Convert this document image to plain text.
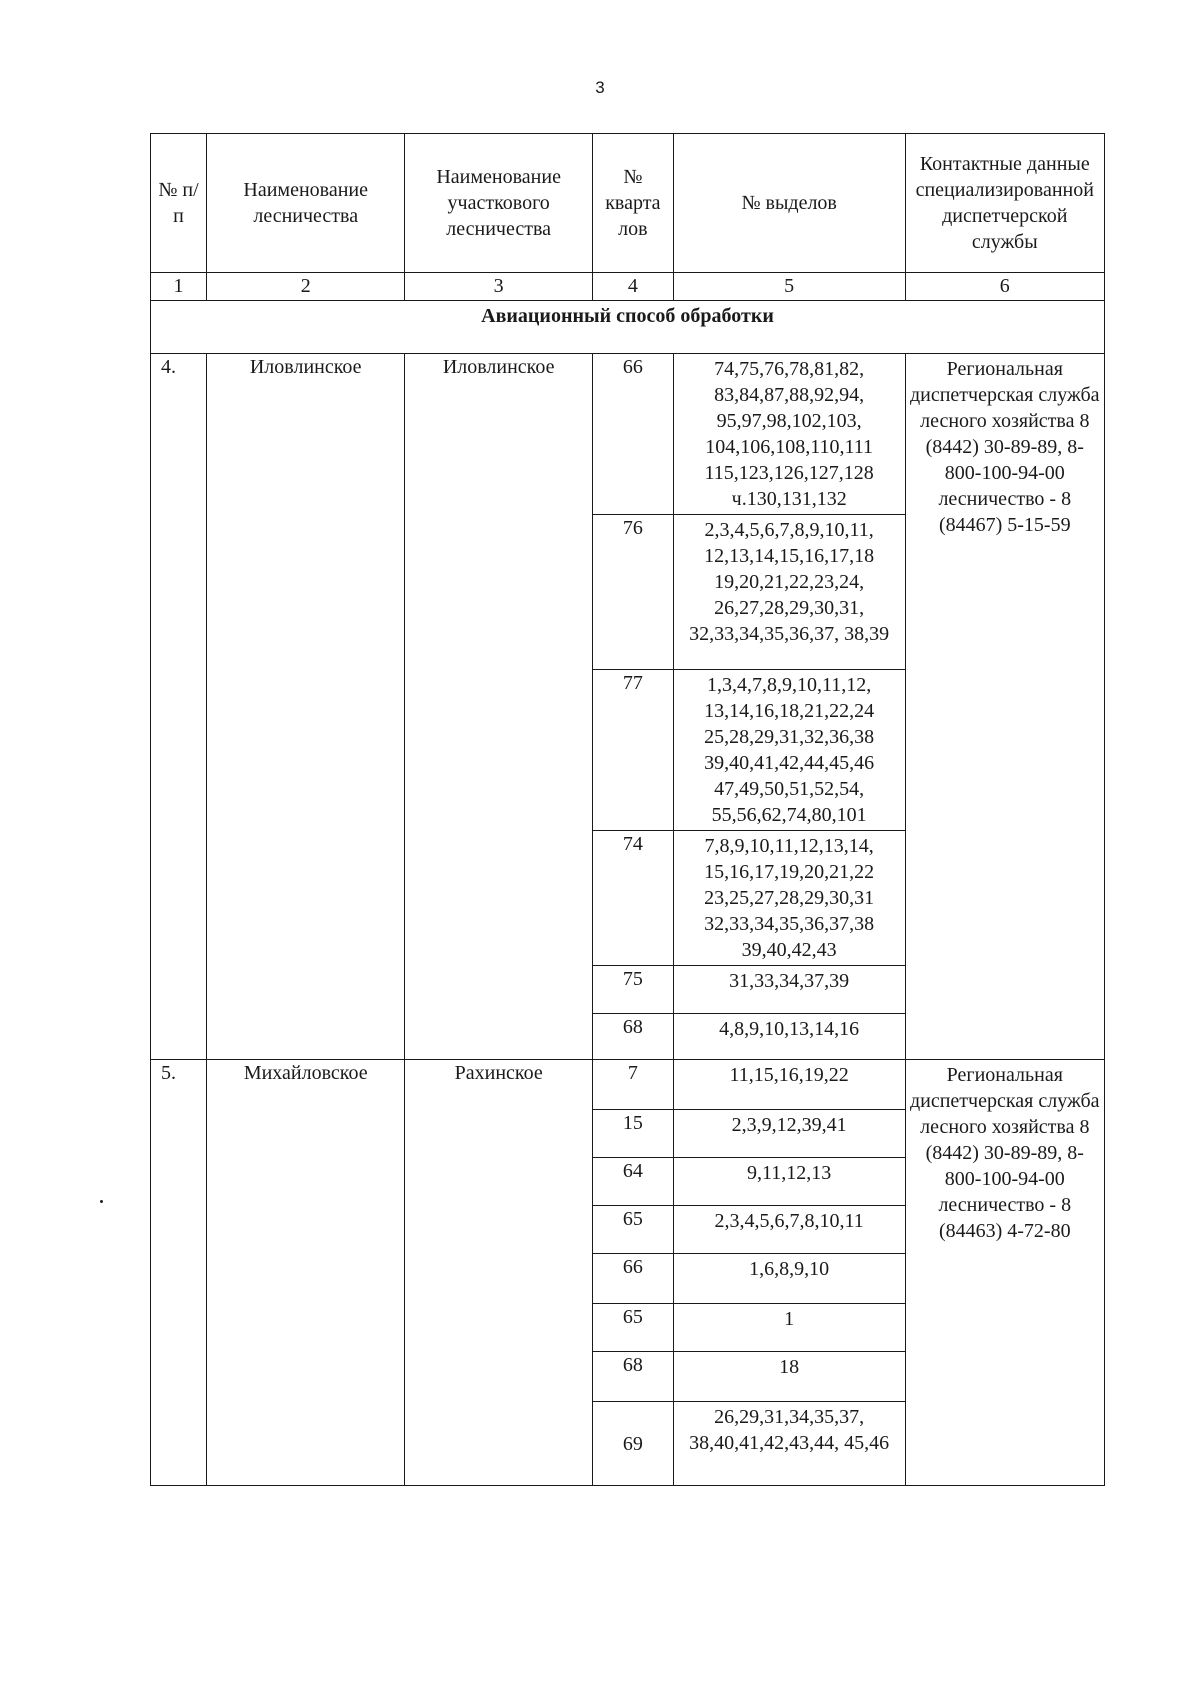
3
№ п/п	Наименование лесничества	Наименование участкового лесничества	№ кварта лов	№ выделов	Контактные данные специализированной диспетчерской службы
1	2	3	4	5	6
Авиационный способ обработки					
4.	Иловлинское	Иловлинское	66	74,75,76,78,81,82, 83,84,87,88,92,94, 95,97,98,102,103, 104,106,108,110,111 115,123,126,127,128 ч.130,131,132	Региональная диспетчерская служба лесного хозяйства 8 (8442) 30-89-89, 8-800-100-94-00 лесничество - 8 (84467) 5-15-59
			76	2,3,4,5,6,7,8,9,10,11, 12,13,14,15,16,17,18 19,20,21,22,23,24, 26,27,28,29,30,31, 32,33,34,35,36,37, 38,39	
			77	1,3,4,7,8,9,10,11,12, 13,14,16,18,21,22,24 25,28,29,31,32,36,38 39,40,41,42,44,45,46 47,49,50,51,52,54, 55,56,62,74,80,101	
			74	7,8,9,10,11,12,13,14, 15,16,17,19,20,21,22 23,25,27,28,29,30,31 32,33,34,35,36,37,38 39,40,42,43	
			75	31,33,34,37,39	
			68	4,8,9,10,13,14,16	
5.	Михайловское	Рахинское	7	11,15,16,19,22	Региональная диспетчерская служба лесного хозяйства 8 (8442) 30-89-89, 8-800-100-94-00 лесничество - 8 (84463) 4-72-80
			15	2,3,9,12,39,41	
			64	9,11,12,13	
			65	2,3,4,5,6,7,8,10,11	
			66	1,6,8,9,10	
			65	1	
			68	18	
			69	26,29,31,34,35,37, 38,40,41,42,43,44, 45,46	
